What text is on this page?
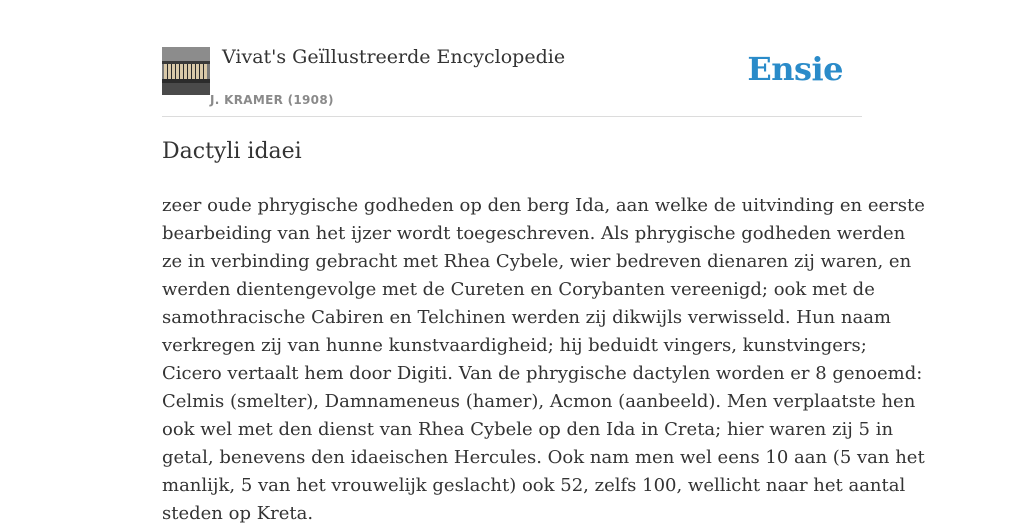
Vivat's Geïllustreerde Encyclopedie
J. KRAMER (1908)
Ensie
Dactyli idaei
zeer oude phrygische godheden op den berg Ida, aan welke de uitvinding en eerste
bearbeiding van het ijzer wordt toegeschreven. Als phrygische godheden werden
ze in verbinding gebracht met Rhea Cybele, wier bedreven dienaren zij waren, en
werden dientengevolge met de Cureten en Corybanten vereenigd; ook met de
samothracische Cabiren en Telchinen werden zij dikwijls verwisseld. Hun naam
verkregen zij van hunne kunstvaardigheid; hij beduidt vingers, kunstvingers;
Cicero vertaalt hem door Digiti. Van de phrygische dactylen worden er 8 genoemd:
Celmis (smelter), Damnameneus (hamer), Acmon (aanbeeld). Men verplaatste hen
ook wel met den dienst van Rhea Cybele op den Ida in Creta; hier waren zij 5 in
getal, benevens den idaeischen Hercules. Ook nam men wel eens 10 aan (5 van het
manlijk, 5 van het vrouwelijk geslacht) ook 52, zelfs 100, wellicht naar het aantal
steden op Kreta.
